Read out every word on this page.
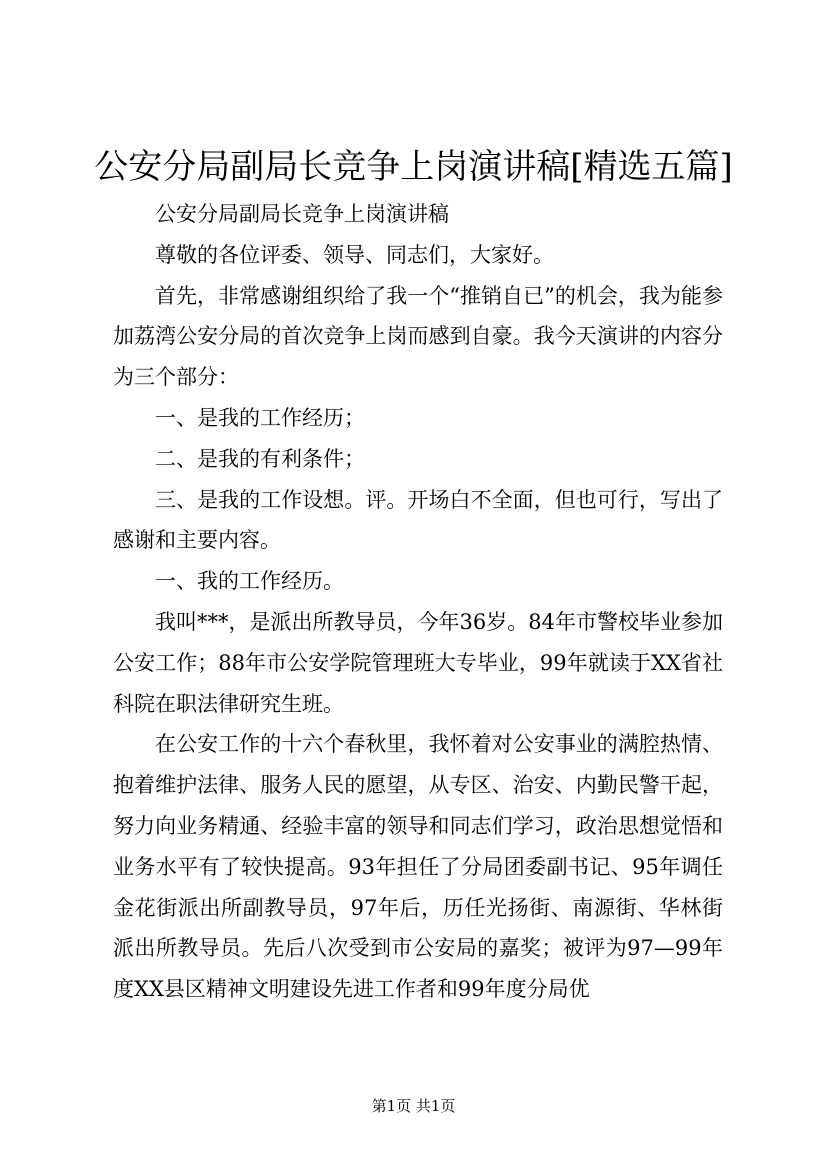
公安分局副局长竞争上岗演讲稿[精选五篇]

公安分局副局长竞争上岗演讲稿

尊敬的各位评委、领导、同志们，大家好。

首先，非常感谢组织给了我一个“推销自已”的机会，我为能参加荔湾公安分局的首次竞争上岗而感到自豪。我今天演讲的内容分为三个部分：

一、是我的工作经历；

二、是我的有利条件；

三、是我的工作设想。评。开场白不全面，但也可行，写出了感谢和主要内容。

一、我的工作经历。

我叫***，是派出所教导员，今年36岁。84年市警校毕业参加公安工作；88年市公安学院管理班大专毕业，99年就读于XX省社科院在职法律研究生班。

在公安工作的十六个春秋里，我怀着对公安事业的满腔热情、抱着维护法律、服务人民的愿望，从专区、治安、内勤民警干起，努力向业务精通、经验丰富的领导和同志们学习，政治思想觉悟和业务水平有了较快提高。93年担任了分局团委副书记、95年调任金花街派出所副教导员，97年后，历任光扬街、南源街、华林街派出所教导员。先后八次受到市公安局的嘉奖；被评为97—99年度XX县区精神文明建设先进工作者和99年度分局优

第1页 共1页
